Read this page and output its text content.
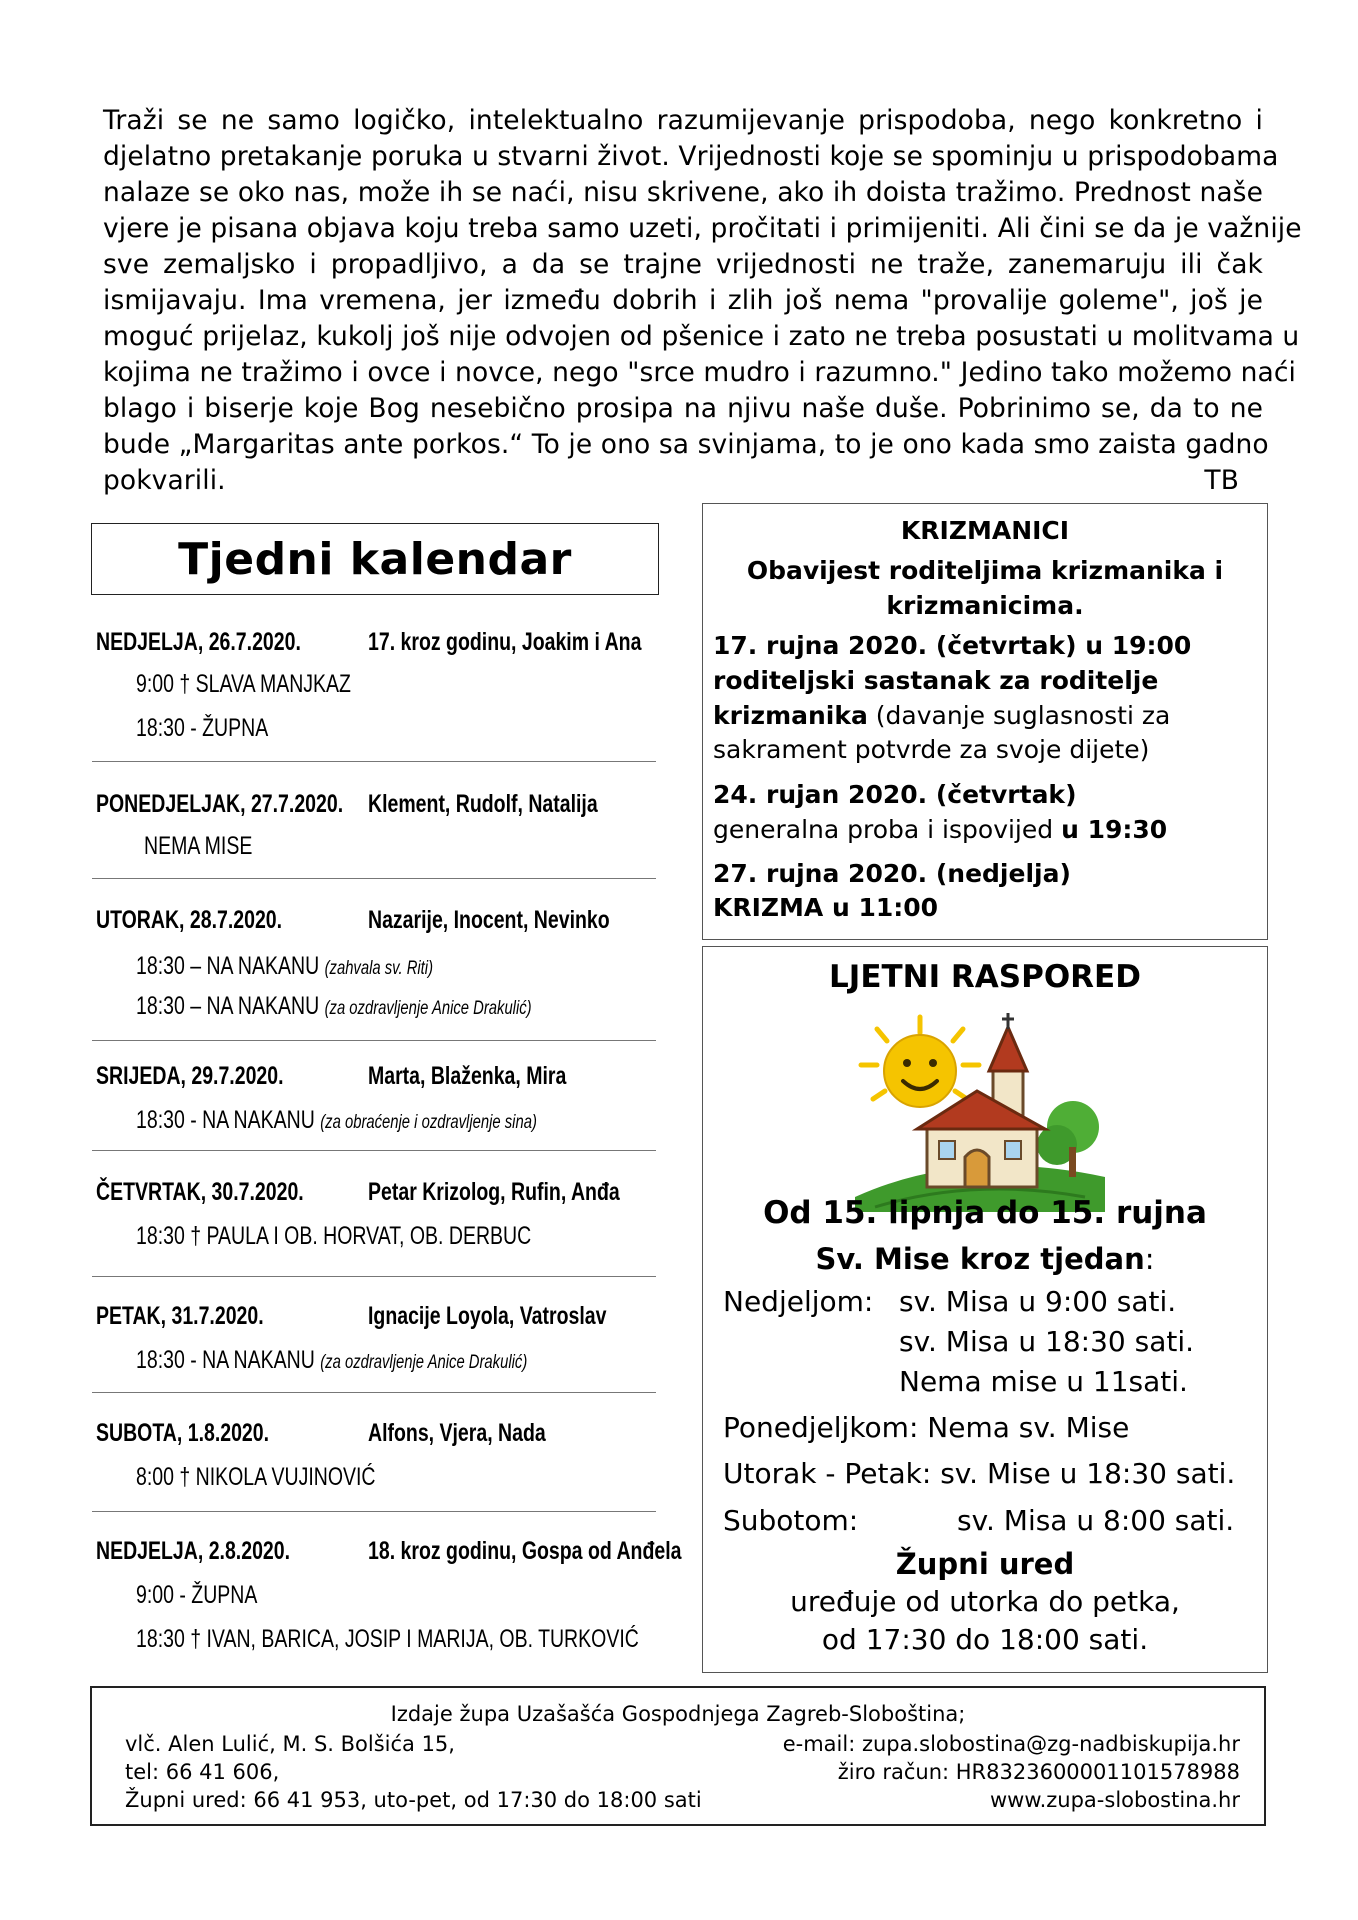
Traži se ne samo logičko, intelektualno razumijevanje prispodoba, nego konkretno i
djelatno pretakanje poruka u stvarni život. Vrijednosti koje se spominju u prispodobama
nalaze se oko nas, može ih se naći, nisu skrivene, ako ih doista tražimo. Prednost naše
vjere je pisana objava koju treba samo uzeti, pročitati i primijeniti. Ali čini se da je važnije
sve zemaljsko i propadljivo, a da se trajne vrijednosti ne traže, zanemaruju ili čak
ismijavaju. Ima vremena, jer između dobrih i zlih još nema "provalije goleme", još je
moguć prijelaz, kukolj još nije odvojen od pšenice i zato ne treba posustati u molitvama u
kojima ne tražimo i ovce i novce, nego "srce mudro i razumno." Jedino tako možemo naći
blago i biserje koje Bog nesebično prosipa na njivu naše duše. Pobrinimo se, da to ne
bude „Margaritas ante porkos.“ To je ono sa svinjama, to je ono kada smo zaista gadno
pokvarili.	TB
Tjedni kalendar
NEDJELJA, 26.7.2020.	17. kroz godinu, Joakim i Ana
9:00 † SLAVA MANJKAZ
18:30 - ŽUPNA
PONEDJELJAK, 27.7.2020. Klement, Rudolf, Natalija
NEMA MISE
UTORAK, 28.7.2020.	Nazarije, Inocent, Nevinko
18:30 – NA NAKANU (zahvala sv. Riti)
18:30 – NA NAKANU (za ozdravljenje Anice Drakulić)
SRIJEDA, 29.7.2020.	Marta, Blaženka, Mira
18:30 - NA NAKANU (za obraćenje i ozdravljenje sina)
ČETVRTAK, 30.7.2020.	Petar Krizolog, Rufin, Anđa
18:30 † PAULA I OB. HORVAT, OB. DERBUC
PETAK, 31.7.2020.	Ignacije Loyola, Vatroslav
18:30 - NA NAKANU (za ozdravljenje Anice Drakulić)
SUBOTA, 1.8.2020.	Alfons, Vjera, Nada
8:00 † NIKOLA VUJINOVIĆ
NEDJELJA, 2.8.2020.	18. kroz godinu, Gospa od Anđela
9:00 - ŽUPNA
18:30 † IVAN, BARICA, JOSIP I MARIJA, OB. TURKOVIĆ
KRIZMANICI
Obavijest roditeljima krizmanika i
krizmanicima.
17. rujna 2020. (četvrtak) u 19:00
roditeljski sastanak za roditelje
krizmanika (davanje suglasnosti za
sakrament potvrde za svoje dijete)
24. rujan 2020. (četvrtak)
generalna proba i ispovijed u 19:30
27. rujna 2020. (nedjelja)
KRIZMA u 11:00
LJETNI RASPORED
Od 15. lipnja do 15. rujna
Sv. Mise kroz tjedan:
Nedjeljom: sv. Misa u 9:00 sati.
sv. Misa u 18:30 sati.
Nema mise u 11sati.
Ponedjeljkom: Nema sv. Mise
Utorak - Petak: sv. Mise u 18:30 sati.
Subotom:	sv. Misa u 8:00 sati.
Župni ured
uređuje od utorka do petka,
od 17:30 do 18:00 sati.
Izdaje župa Uzašašća Gospodnjega Zagreb-Sloboština;
vlč. Alen Lulić, M. S. Bolšića 15,	e-mail: zupa.slobostina@zg-nadbiskupija.hr
tel: 66 41 606,	žiro račun: HR8323600001101578988
Župni ured: 66 41 953, uto-pet, od 17:30 do 18:00 sati	www.zupa-slobostina.hr
